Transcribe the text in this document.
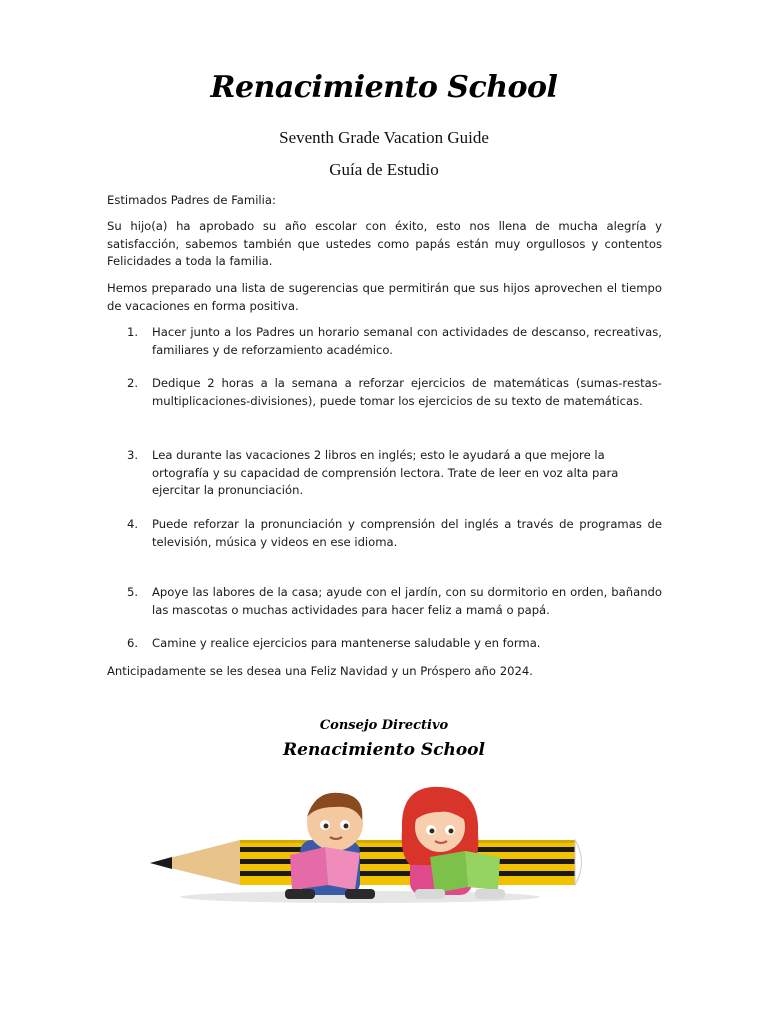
Renacimiento School
Seventh Grade Vacation Guide
Guía de Estudio
Estimados Padres de Familia:
Su hijo(a) ha aprobado su año escolar con éxito, esto nos llena de mucha alegría y satisfacción, sabemos también que ustedes como papás están muy orgullosos y contentos Felicidades a toda la familia.
Hemos preparado una lista de sugerencias que permitirán que sus hijos aprovechen el tiempo de vacaciones en forma positiva.
1. Hacer junto a los Padres un horario semanal con actividades de descanso, recreativas, familiares y de reforzamiento académico.
2. Dedique 2 horas a la semana a reforzar ejercicios de matemáticas (sumas-restas-multiplicaciones-divisiones), puede tomar los ejercicios de su texto de matemáticas.
3. Lea durante las vacaciones 2 libros en inglés; esto le ayudará a que mejore la ortografía y su capacidad de comprensión lectora. Trate de leer en voz alta para ejercitar la pronunciación.
4. Puede reforzar la pronunciación y comprensión del inglés a través de programas de televisión, música y videos en ese idioma.
5. Apoye las labores de la casa; ayude con el jardín, con su dormitorio en orden, bañando las mascotas o muchas actividades para hacer feliz a mamá o papá.
6. Camine y realice ejercicios para mantenerse saludable y en forma.
Anticipadamente se les desea una Feliz Navidad y un Próspero año 2024.
Consejo Directivo
Renacimiento School
